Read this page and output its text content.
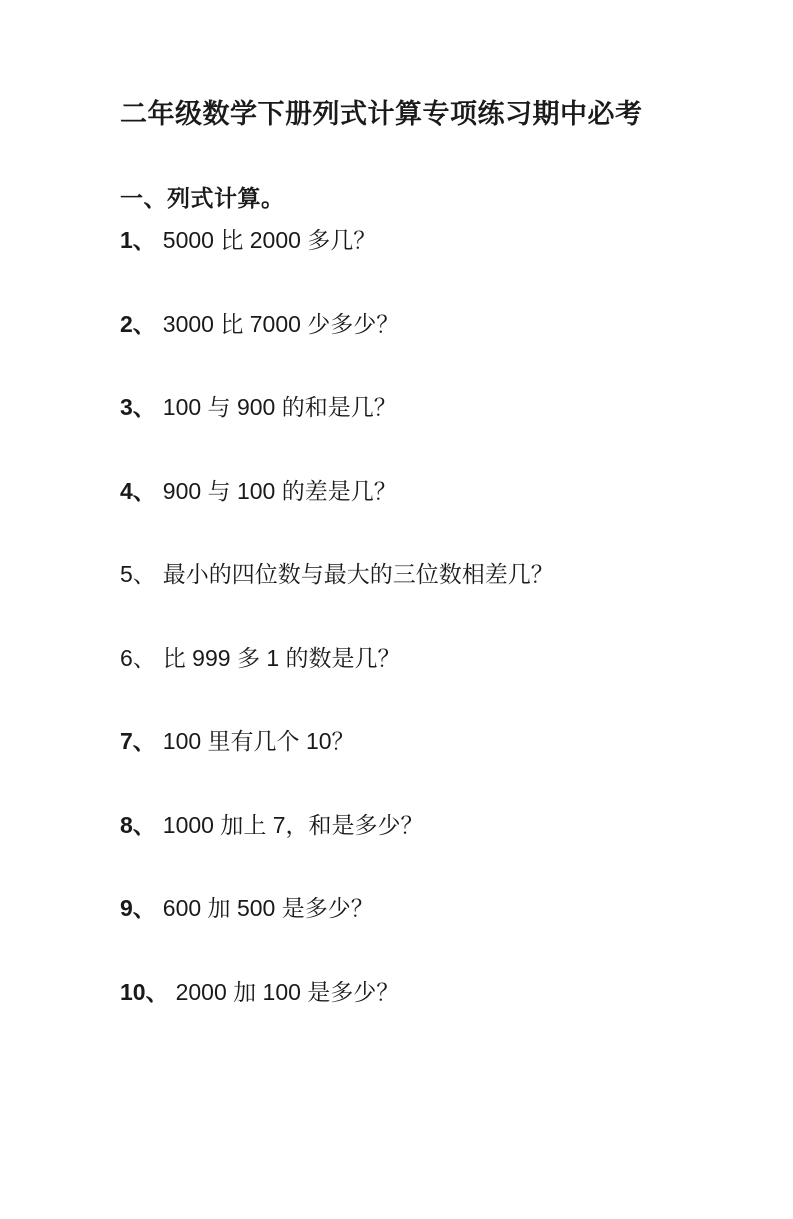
二年级数学下册列式计算专项练习期中必考
一、列式计算。
1、 5000 比 2000 多几？
2、 3000 比 7000 少多少？
3、 100 与 900 的和是几？
4、 900 与 100 的差是几？
5、 最小的四位数与最大的三位数相差几？
6、 比 999 多 1 的数是几？
7、 100 里有几个 10？
8、 1000 加上 7，和是多少？
9、 600 加 500 是多少？
10、 2000 加 100 是多少？
